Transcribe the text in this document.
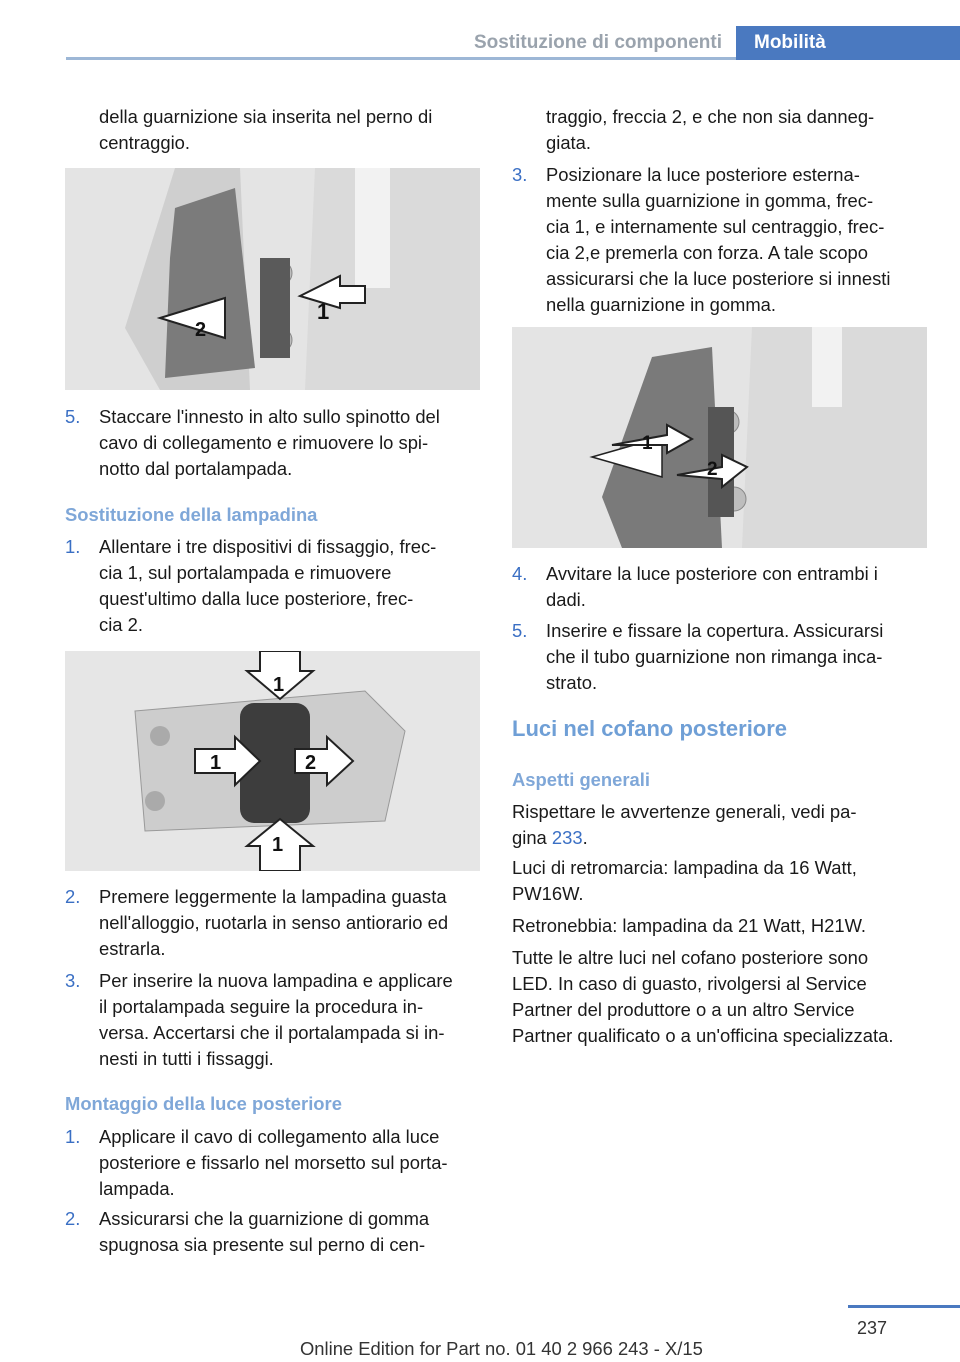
Sostituzione di componenti	Mobilità
della guarnizione sia inserita nel perno di
centraggio.
1
2
5. Staccare l'innesto in alto sullo spinotto del
cavo di collegamento e rimuovere lo spi‐
notto dal portalampada.
Sostituzione della lampadina
1. Allentare i tre dispositivi di fissaggio, frec‐
cia 1, sul portalampada e rimuovere
quest'ultimo dalla luce posteriore, frec‐
cia 2.
1
1	2
1
2. Premere leggermente la lampadina guasta
nell'alloggio, ruotarla in senso antiorario ed
estrarla.
3. Per inserire la nuova lampadina e applicare
il portalampada seguire la procedura in‐
versa. Accertarsi che il portalampada si in‐
nesti in tutti i fissaggi.
Montaggio della luce posteriore
1. Applicare il cavo di collegamento alla luce
posteriore e fissarlo nel morsetto sul porta‐
lampada.
2. Assicurarsi che la guarnizione di gomma
spugnosa sia presente sul perno di cen‐
traggio, freccia 2, e che non sia danneg‐
giata.
3. Posizionare la luce posteriore esterna‐
mente sulla guarnizione in gomma, frec‐
cia 1, e internamente sul centraggio, frec‐
cia 2,e premerla con forza. A tale scopo
assicurarsi che la luce posteriore si innesti
nella guarnizione in gomma.
1
2
4. Avvitare la luce posteriore con entrambi i
dadi.
5. Inserire e fissare la copertura. Assicurarsi
che il tubo guarnizione non rimanga inca‐
strato.
Luci nel cofano posteriore
Aspetti generali
Rispettare le avvertenze generali, vedi pa‐
gina 233.
Luci di retromarcia: lampadina da 16 Watt,
PW16W.
Retronebbia: lampadina da 21 Watt, H21W.
Tutte le altre luci nel cofano posteriore sono
LED. In caso di guasto, rivolgersi al Service
Partner del produttore o a un altro Service
Partner qualificato o a un'officina specializzata.
237
Online Edition for Part no. 01 40 2 966 243 - X/15
